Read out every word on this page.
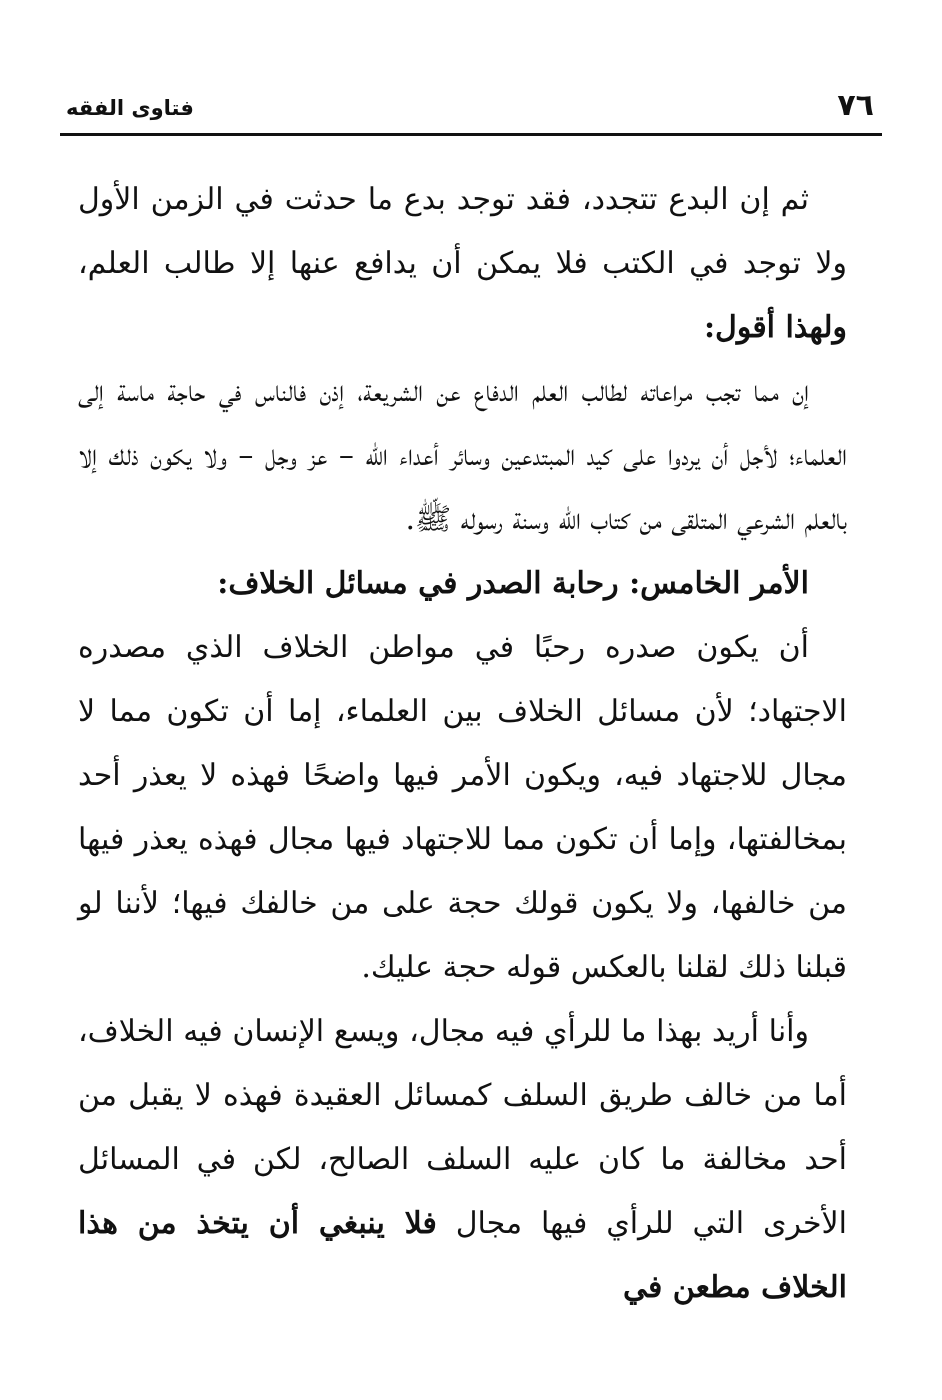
٧٦
فتاوى الفقه

ثم إن البدع تتجدد، فقد توجد بدع ما حدثت في الزمن الأول ولا توجد في الكتب فلا يمكن أن يدافع عنها إلا طالب العلم، ولهذا أقول:

إن مما تجب مراعاته لطالب العلم الدفاع عن الشريعة، إذن فالناس في حاجة ماسة إلى العلماء؛ لأجل أن يردوا على كيد المبتدعين وسائر أعداء الله – عز وجل – ولا يكون ذلك إلا بالعلم الشرعي المتلقى من كتاب الله وسنة رسوله ﷺ.

الأمر الخامس: رحابة الصدر في مسائل الخلاف:

أن يكون صدره رحبًا في مواطن الخلاف الذي مصدره الاجتهاد؛ لأن مسائل الخلاف بين العلماء، إما أن تكون مما لا مجال للاجتهاد فيه، ويكون الأمر فيها واضحًا فهذه لا يعذر أحد بمخالفتها، وإما أن تكون مما للاجتهاد فيها مجال فهذه يعذر فيها من خالفها، ولا يكون قولك حجة على من خالفك فيها؛ لأننا لو قبلنا ذلك لقلنا بالعكس قوله حجة عليك.

وأنا أريد بهذا ما للرأي فيه مجال، ويسع الإنسان فيه الخلاف، أما من خالف طريق السلف كمسائل العقيدة فهذه لا يقبل من أحد مخالفة ما كان عليه السلف الصالح، لكن في المسائل الأخرى التي للرأي فيها مجال فلا ينبغي أن يتخذ من هذا الخلاف مطعن في
